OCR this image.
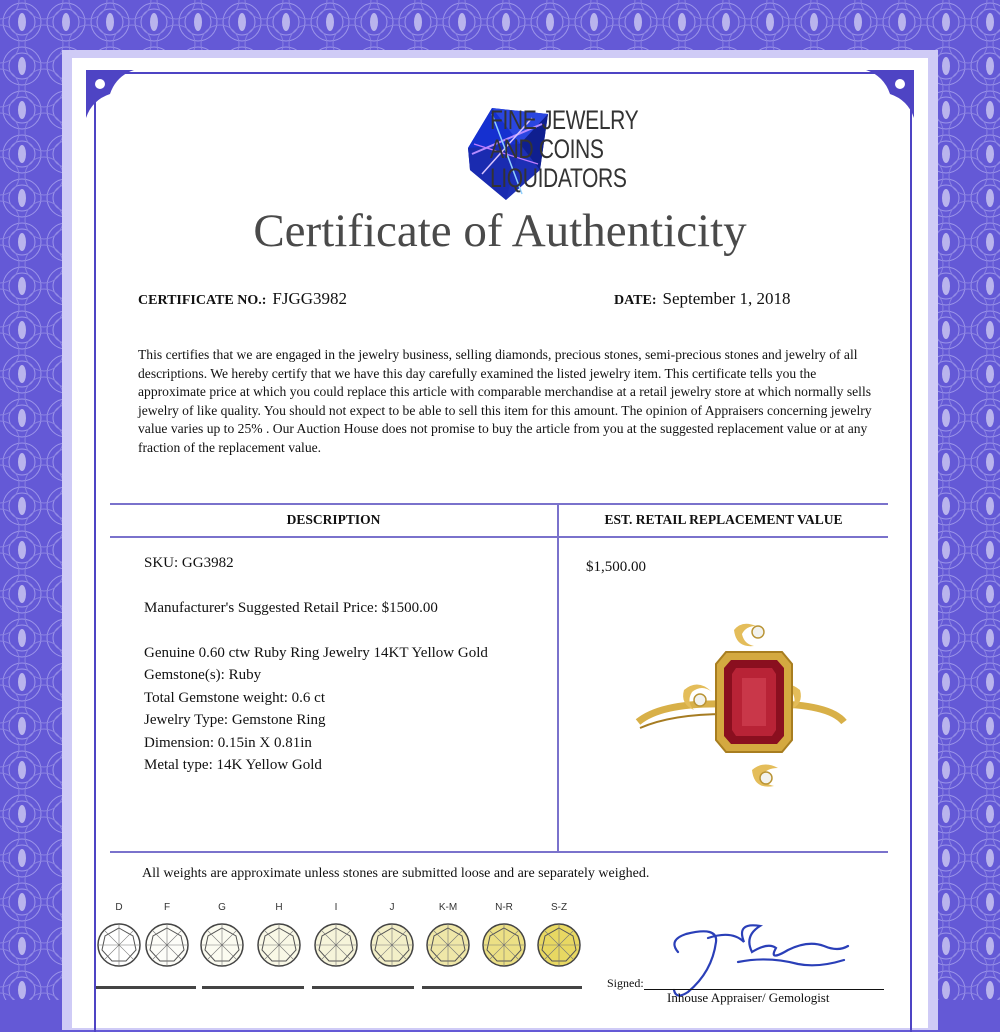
FINE JEWELRY
AND COINS
LIQUIDATORS
Certificate of Authenticity
CERTIFICATE NO.: FJGG3982	DATE: September 1, 2018
This certifies that we are engaged in the jewelry business, selling diamonds, precious stones, semi-precious stones and jewelry of all descriptions. We hereby certify that we have this day carefully examined the listed jewelry item. This certificate tells you the approximate price at which you could replace this article with comparable merchandise at a retail jewelry store at which normally sells jewelry of like quality. You should not expect to be able to sell this item for this amount. The opinion of Appraisers concerning jewelry value varies up to 25% . Our Auction House does not promise to buy the article from you at the suggested replacement value or at any fraction of the replacement value.
DESCRIPTION	EST. RETAIL REPLACEMENT VALUE
SKU: GG3982
Manufacturer's Suggested Retail Price: $1500.00
Genuine 0.60 ctw Ruby Ring Jewelry 14KT Yellow Gold
Gemstone(s): Ruby
Total Gemstone weight: 0.6 ct
Jewelry Type: Gemstone Ring
Dimension: 0.15in X 0.81in
Metal type: 14K Yellow Gold
$1,500.00
All weights are approximate unless stones are submitted loose and are separately weighed.
D	F	G	H	I	J	K-M	N-R	S-Z
Signed:
Inhouse Appraiser/ Gemologist
